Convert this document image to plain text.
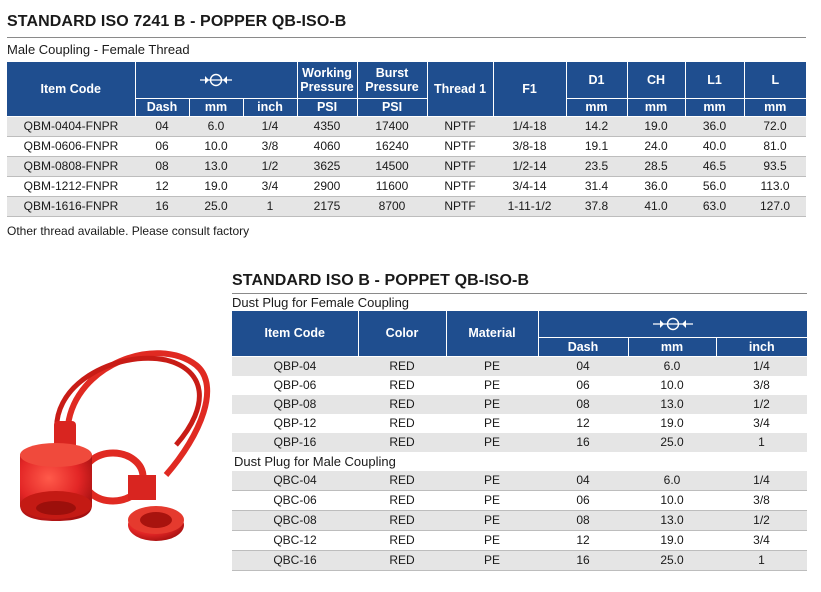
STANDARD ISO 7241 B - POPPER QB-ISO-B
Male Coupling - Female Thread
Item Code				Working Pressure	Burst Pressure	Thread 1	F1	D1	CH	L1	L
	Dash	mm	inch	PSI	PSI			mm	mm	mm	mm
QBM-0404-FNPR	04	6.0	1/4	4350	17400	NPTF	1/4-18	14.2	19.0	36.0	72.0
QBM-0606-FNPR	06	10.0	3/8	4060	16240	NPTF	3/8-18	19.1	24.0	40.0	81.0
QBM-0808-FNPR	08	13.0	1/2	3625	14500	NPTF	1/2-14	23.5	28.5	46.5	93.5
QBM-1212-FNPR	12	19.0	3/4	2900	11600	NPTF	3/4-14	31.4	36.0	56.0	113.0
QBM-1616-FNPR	16	25.0	1	2175	8700	NPTF	1-11-1/2	37.8	41.0	63.0	127.0
Other thread available. Please consult factory
STANDARD ISO B - POPPET QB-ISO-B
Dust Plug for Female Coupling
Item Code	Color	Material	

			Dash	mm	inch
QBP-04	RED	PE	04	6.0	1/4
QBP-06	RED	PE	06	10.0	3/8
QBP-08	RED	PE	08	13.0	1/2
QBP-12	RED	PE	12	19.0	3/4
QBP-16	RED	PE	16	25.0	1
Dust Plug for Male Coupling					
QBC-04	RED	PE	04	6.0	1/4
QBC-06	RED	PE	06	10.0	3/8
QBC-08	RED	PE	08	13.0	1/2
QBC-12	RED	PE	12	19.0	3/4
QBC-16	RED	PE	16	25.0	1
